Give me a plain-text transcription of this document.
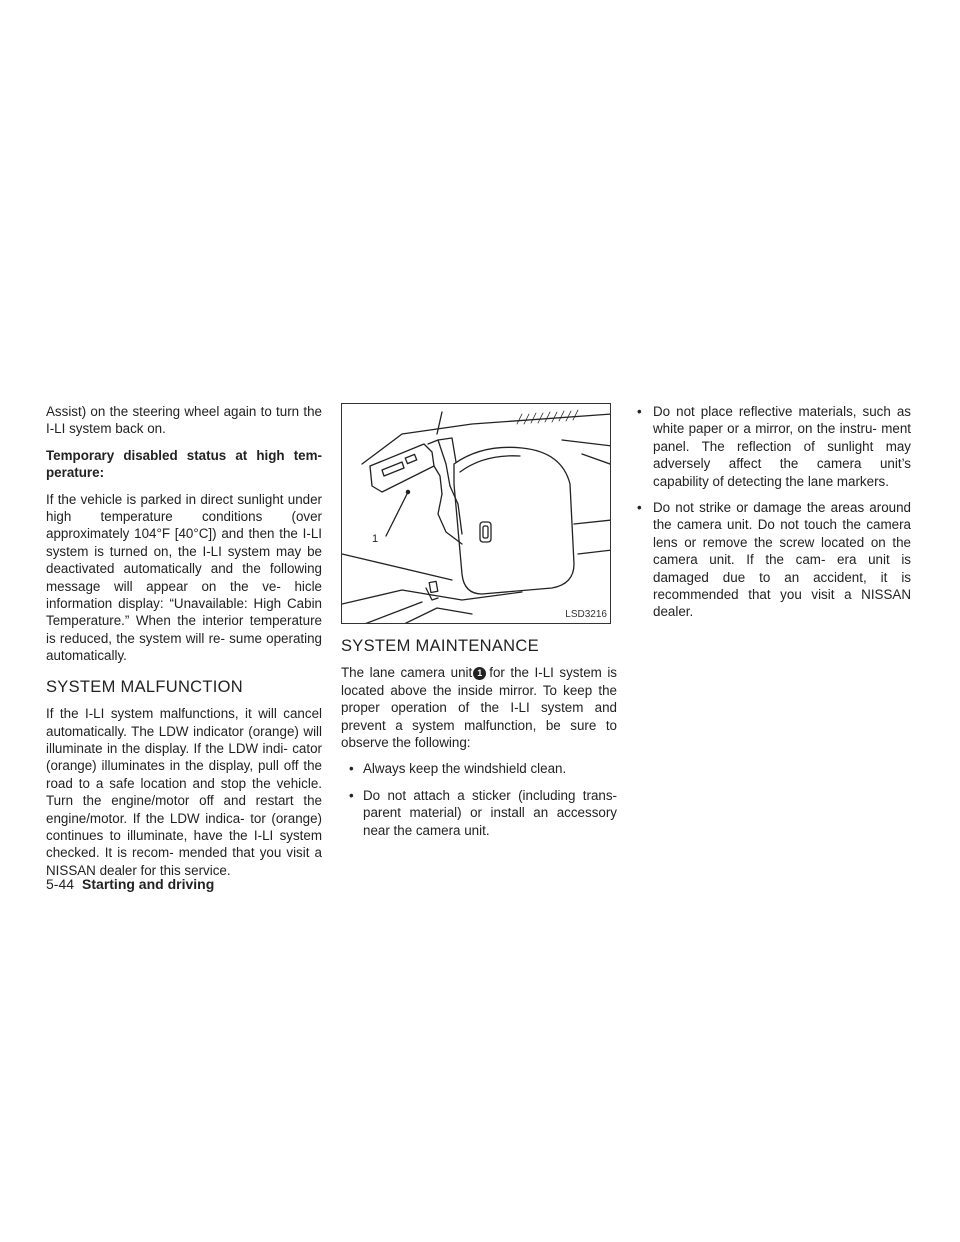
Assist) on the steering wheel again to turn the I-LI system back on.

Temporary disabled status at high tem- perature:

If the vehicle is parked in direct sunlight under high temperature conditions (over approximately 104°F [40°C]) and then the I-LI system is turned on, the I-LI system may be deactivated automatically and the following message will appear on the ve- hicle information display: “Unavailable: High Cabin Temperature.” When the interior temperature is reduced, the system will re- sume operating automatically.

SYSTEM MALFUNCTION

If the I-LI system malfunctions, it will cancel automatically. The LDW indicator (orange) will illuminate in the display. If the LDW indi- cator (orange) illuminates in the display, pull off the road to a safe location and stop the vehicle. Turn the engine/motor off and restart the engine/motor. If the LDW indica- tor (orange) continues to illuminate, have the I-LI system checked. It is recom- mended that you visit a NISSAN dealer for this service.

1
LSD3216
SYSTEM MAINTENANCE

The lane camera unit 1 for the I-LI system is located above the inside mirror. To keep the proper operation of the I-LI system and prevent a system malfunction, be sure to observe the following:

• Always keep the windshield clean.
• Do not attach a sticker (including trans- parent material) or install an accessory near the camera unit.
• Do not place reflective materials, such as white paper or a mirror, on the instru- ment panel. The reflection of sunlight may adversely affect the camera unit’s capability of detecting the lane markers.
• Do not strike or damage the areas around the camera unit. Do not touch the camera lens or remove the screw located on the camera unit. If the cam- era unit is damaged due to an accident, it is recommended that you visit a NISSAN dealer.
5-44 Starting and driving
